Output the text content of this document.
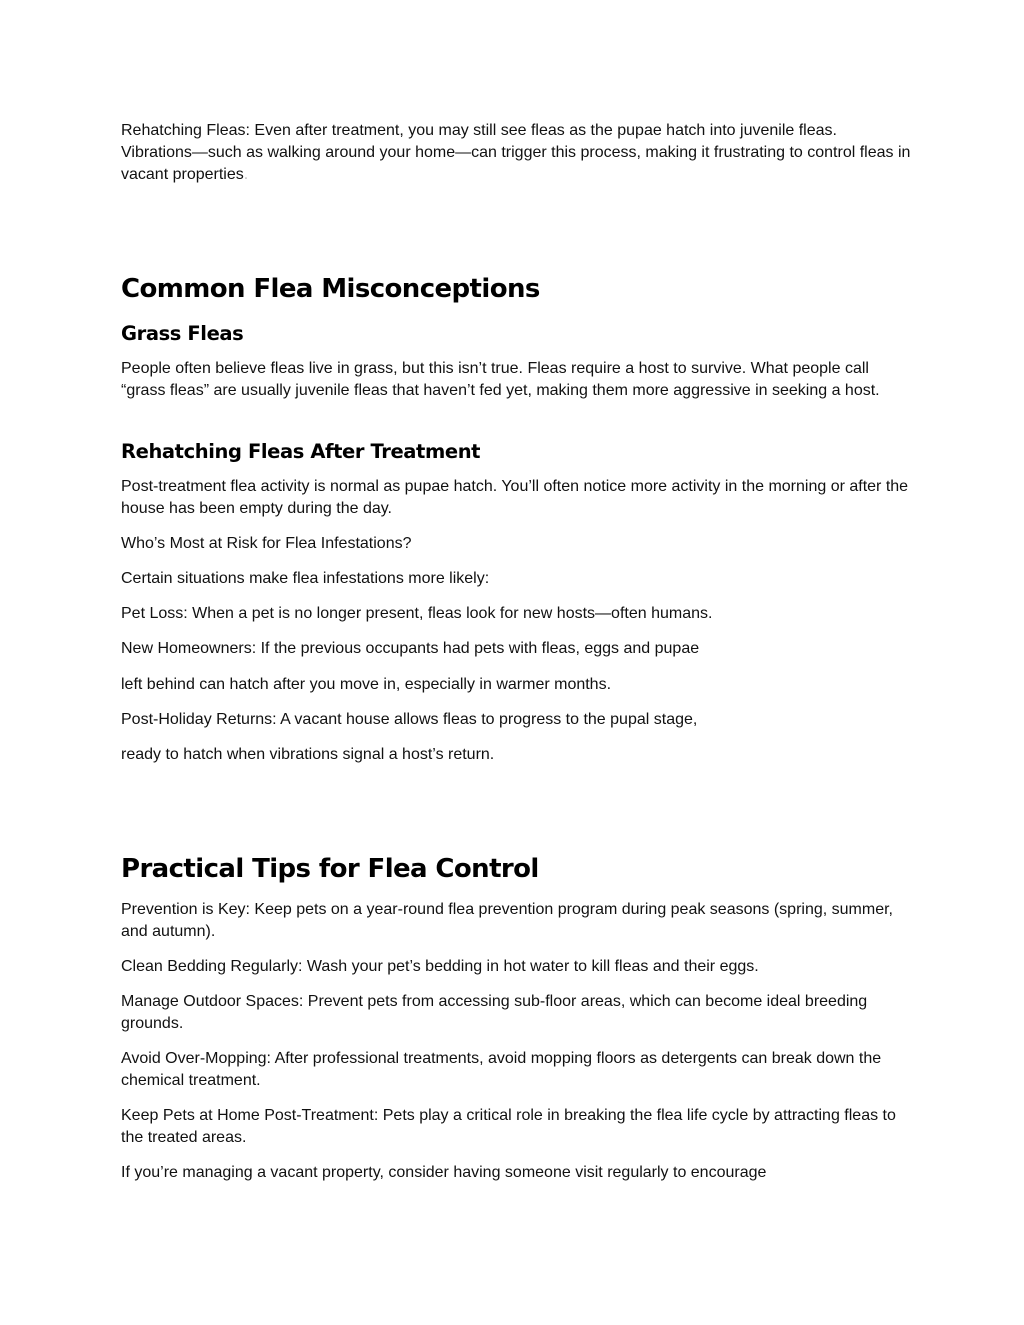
Rehatching Fleas: Even after treatment, you may still see fleas as the pupae hatch into juvenile fleas. Vibrations—such as walking around your home—can trigger this process, making it frustrating to control fleas in vacant properties.

Common Flea Misconceptions
Grass Fleas

People often believe fleas live in grass, but this isn’t true. Fleas require a host to survive. What people call “grass fleas” are usually juvenile fleas that haven’t fed yet, making them more aggressive in seeking a host.

Rehatching Fleas After Treatment

Post-treatment flea activity is normal as pupae hatch. You’ll often notice more activity in the morning or after the house has been empty during the day.

Who’s Most at Risk for Flea Infestations?

Certain situations make flea infestations more likely:

Pet Loss: When a pet is no longer present, fleas look for new hosts—often humans.

New Homeowners: If the previous occupants had pets with fleas, eggs and pupae

left behind can hatch after you move in, especially in warmer months.

Post-Holiday Returns: A vacant house allows fleas to progress to the pupal stage,

ready to hatch when vibrations signal a host’s return.

Practical Tips for Flea Control

Prevention is Key: Keep pets on a year-round flea prevention program during peak seasons (spring, summer, and autumn).

Clean Bedding Regularly: Wash your pet’s bedding in hot water to kill fleas and their eggs.

Manage Outdoor Spaces: Prevent pets from accessing sub-floor areas, which can become ideal breeding grounds.

Avoid Over-Mopping: After professional treatments, avoid mopping floors as detergents can break down the chemical treatment.

Keep Pets at Home Post-Treatment: Pets play a critical role in breaking the flea life cycle by attracting fleas to the treated areas.

If you’re managing a vacant property, consider having someone visit regularly to encourage
